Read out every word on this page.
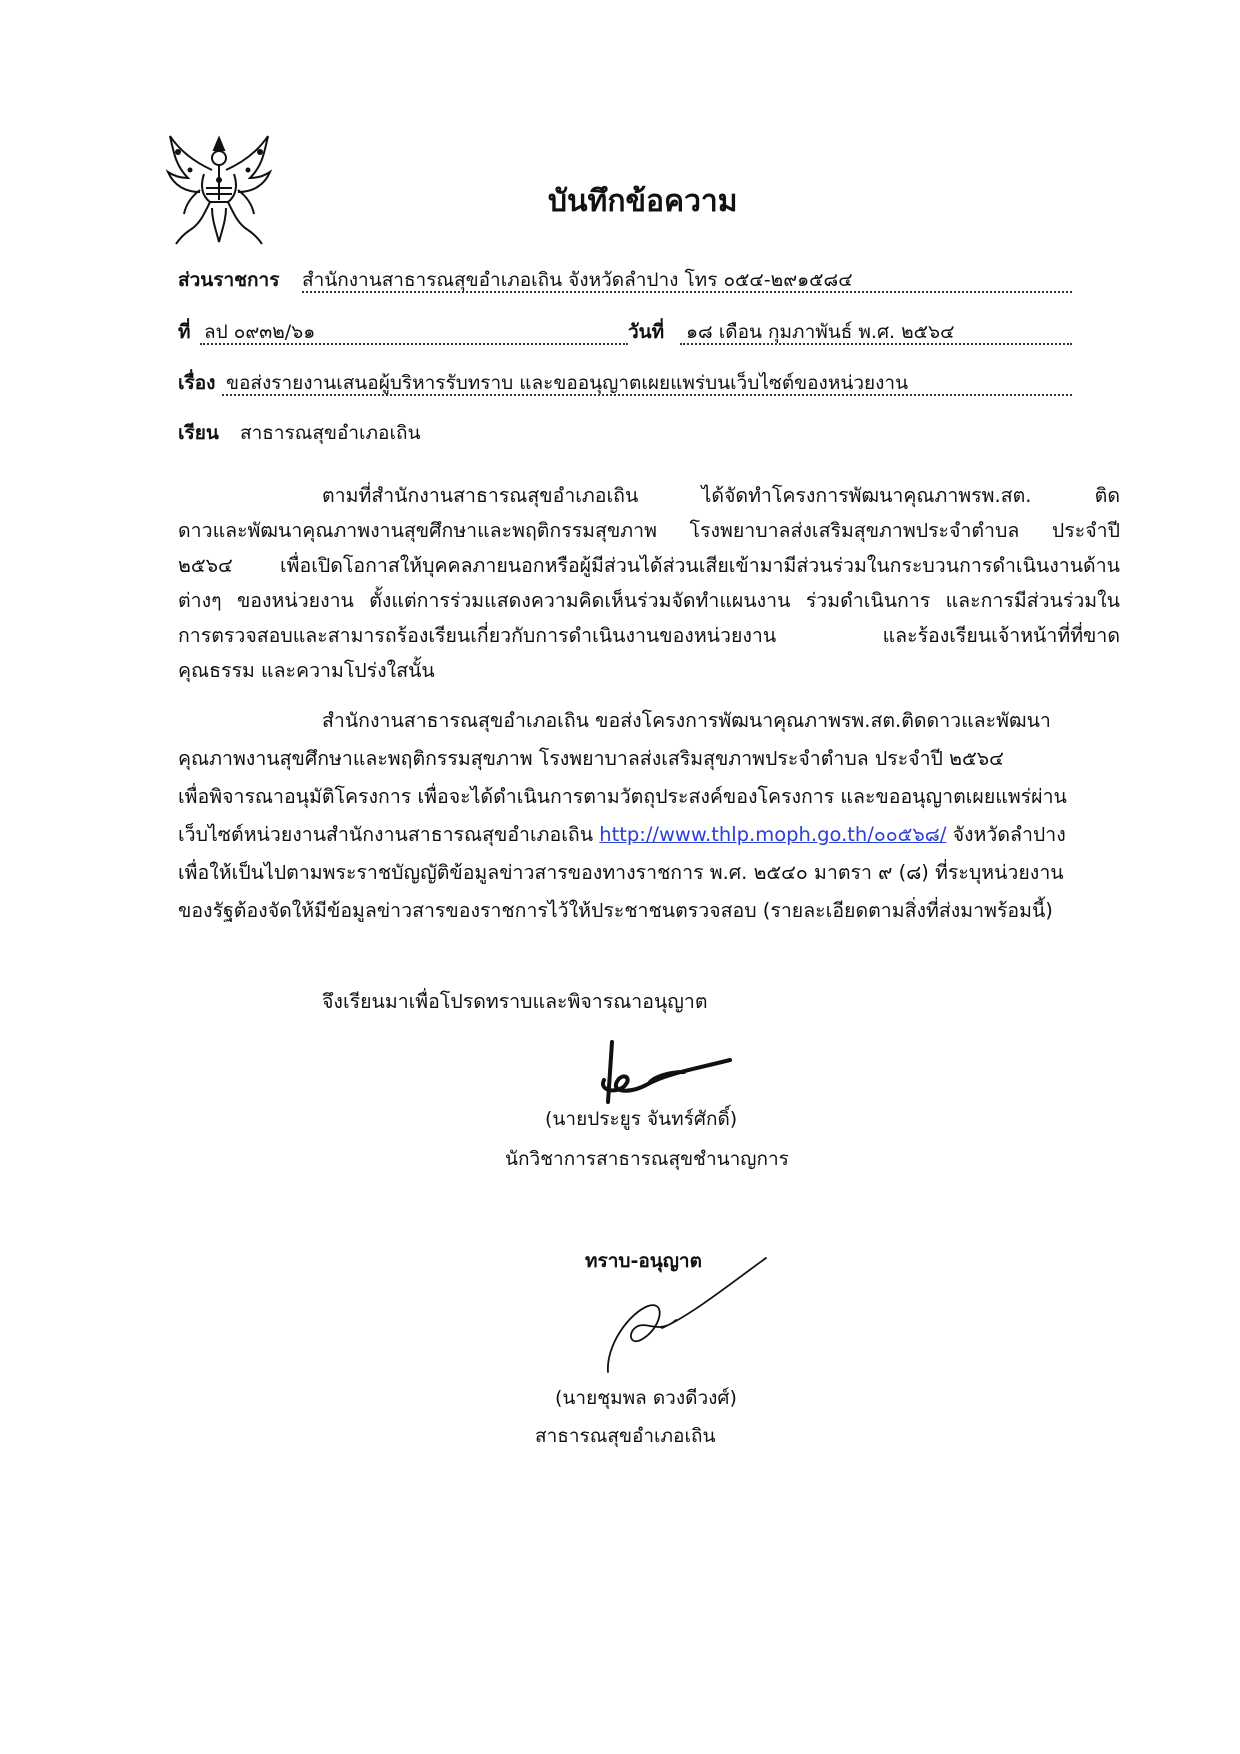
บันทึกข้อความ
ส่วนราชการ สำนักงานสาธารณสุขอำเภอเถิน จังหวัดลำปาง โทร ๐๕๔-๒๙๑๕๘๔
ที่ ลป ๐๙๓๒/๖๑	วันที่ ๑๘ เดือน กุมภาพันธ์ พ.ศ. ๒๕๖๔
เรื่อง ขอส่งรายงานเสนอผู้บริหารรับทราบ และขออนุญาตเผยแพร่บนเว็บไซต์ของหน่วยงาน
เรียน สาธารณสุขอำเภอเถิน
ตามที่สำนักงานสาธารณสุขอำเภอเถิน ได้จัดทำโครงการพัฒนาคุณภาพรพ.สต. ติด
ดาวและพัฒนาคุณภาพงานสุขศึกษาและพฤติกรรมสุขภาพ โรงพยาบาลส่งเสริมสุขภาพประจำตำบล ประจำปี
๒๕๖๔ เพื่อเปิดโอกาสให้บุคคลภายนอกหรือผู้มีส่วนได้ส่วนเสียเข้ามามีส่วนร่วมในกระบวนการดำเนินงานด้าน
ต่างๆ ของหน่วยงาน ตั้งแต่การร่วมแสดงความคิดเห็นร่วมจัดทำแผนงาน ร่วมดำเนินการ และการมีส่วนร่วมใน
การตรวจสอบและสามารถร้องเรียนเกี่ยวกับการดำเนินงานของหน่วยงาน และร้องเรียนเจ้าหน้าที่ที่ขาด
คุณธรรม และความโปร่งใสนั้น
สำนักงานสาธารณสุขอำเภอเถิน ขอส่งโครงการพัฒนาคุณภาพรพ.สต.ติดดาวและพัฒนา
คุณภาพงานสุขศึกษาและพฤติกรรมสุขภาพ โรงพยาบาลส่งเสริมสุขภาพประจำตำบล ประจำปี ๒๕๖๔
เพื่อพิจารณาอนุมัติโครงการ เพื่อจะได้ดำเนินการตามวัตถุประสงค์ของโครงการ และขออนุญาตเผยแพร่ผ่าน
เว็บไซต์หน่วยงานสำนักงานสาธารณสุขอำเภอเถิน http://www.thlp.moph.go.th/๐๐๕๖๘/ จังหวัดลำปาง
เพื่อให้เป็นไปตามพระราชบัญญัติข้อมูลข่าวสารของทางราชการ พ.ศ. ๒๕๔๐ มาตรา ๙ (๘) ที่ระบุหน่วยงาน
ของรัฐต้องจัดให้มีข้อมูลข่าวสารของราชการไว้ให้ประชาชนตรวจสอบ (รายละเอียดตามสิ่งที่ส่งมาพร้อมนี้)
จึงเรียนมาเพื่อโปรดทราบและพิจารณาอนุญาต
(นายประยูร จันทร์ศักดิ์)
นักวิชาการสาธารณสุขชำนาญการ
ทราบ-อนุญาต
(นายชุมพล ดวงดีวงศ์)
สาธารณสุขอำเภอเถิน
